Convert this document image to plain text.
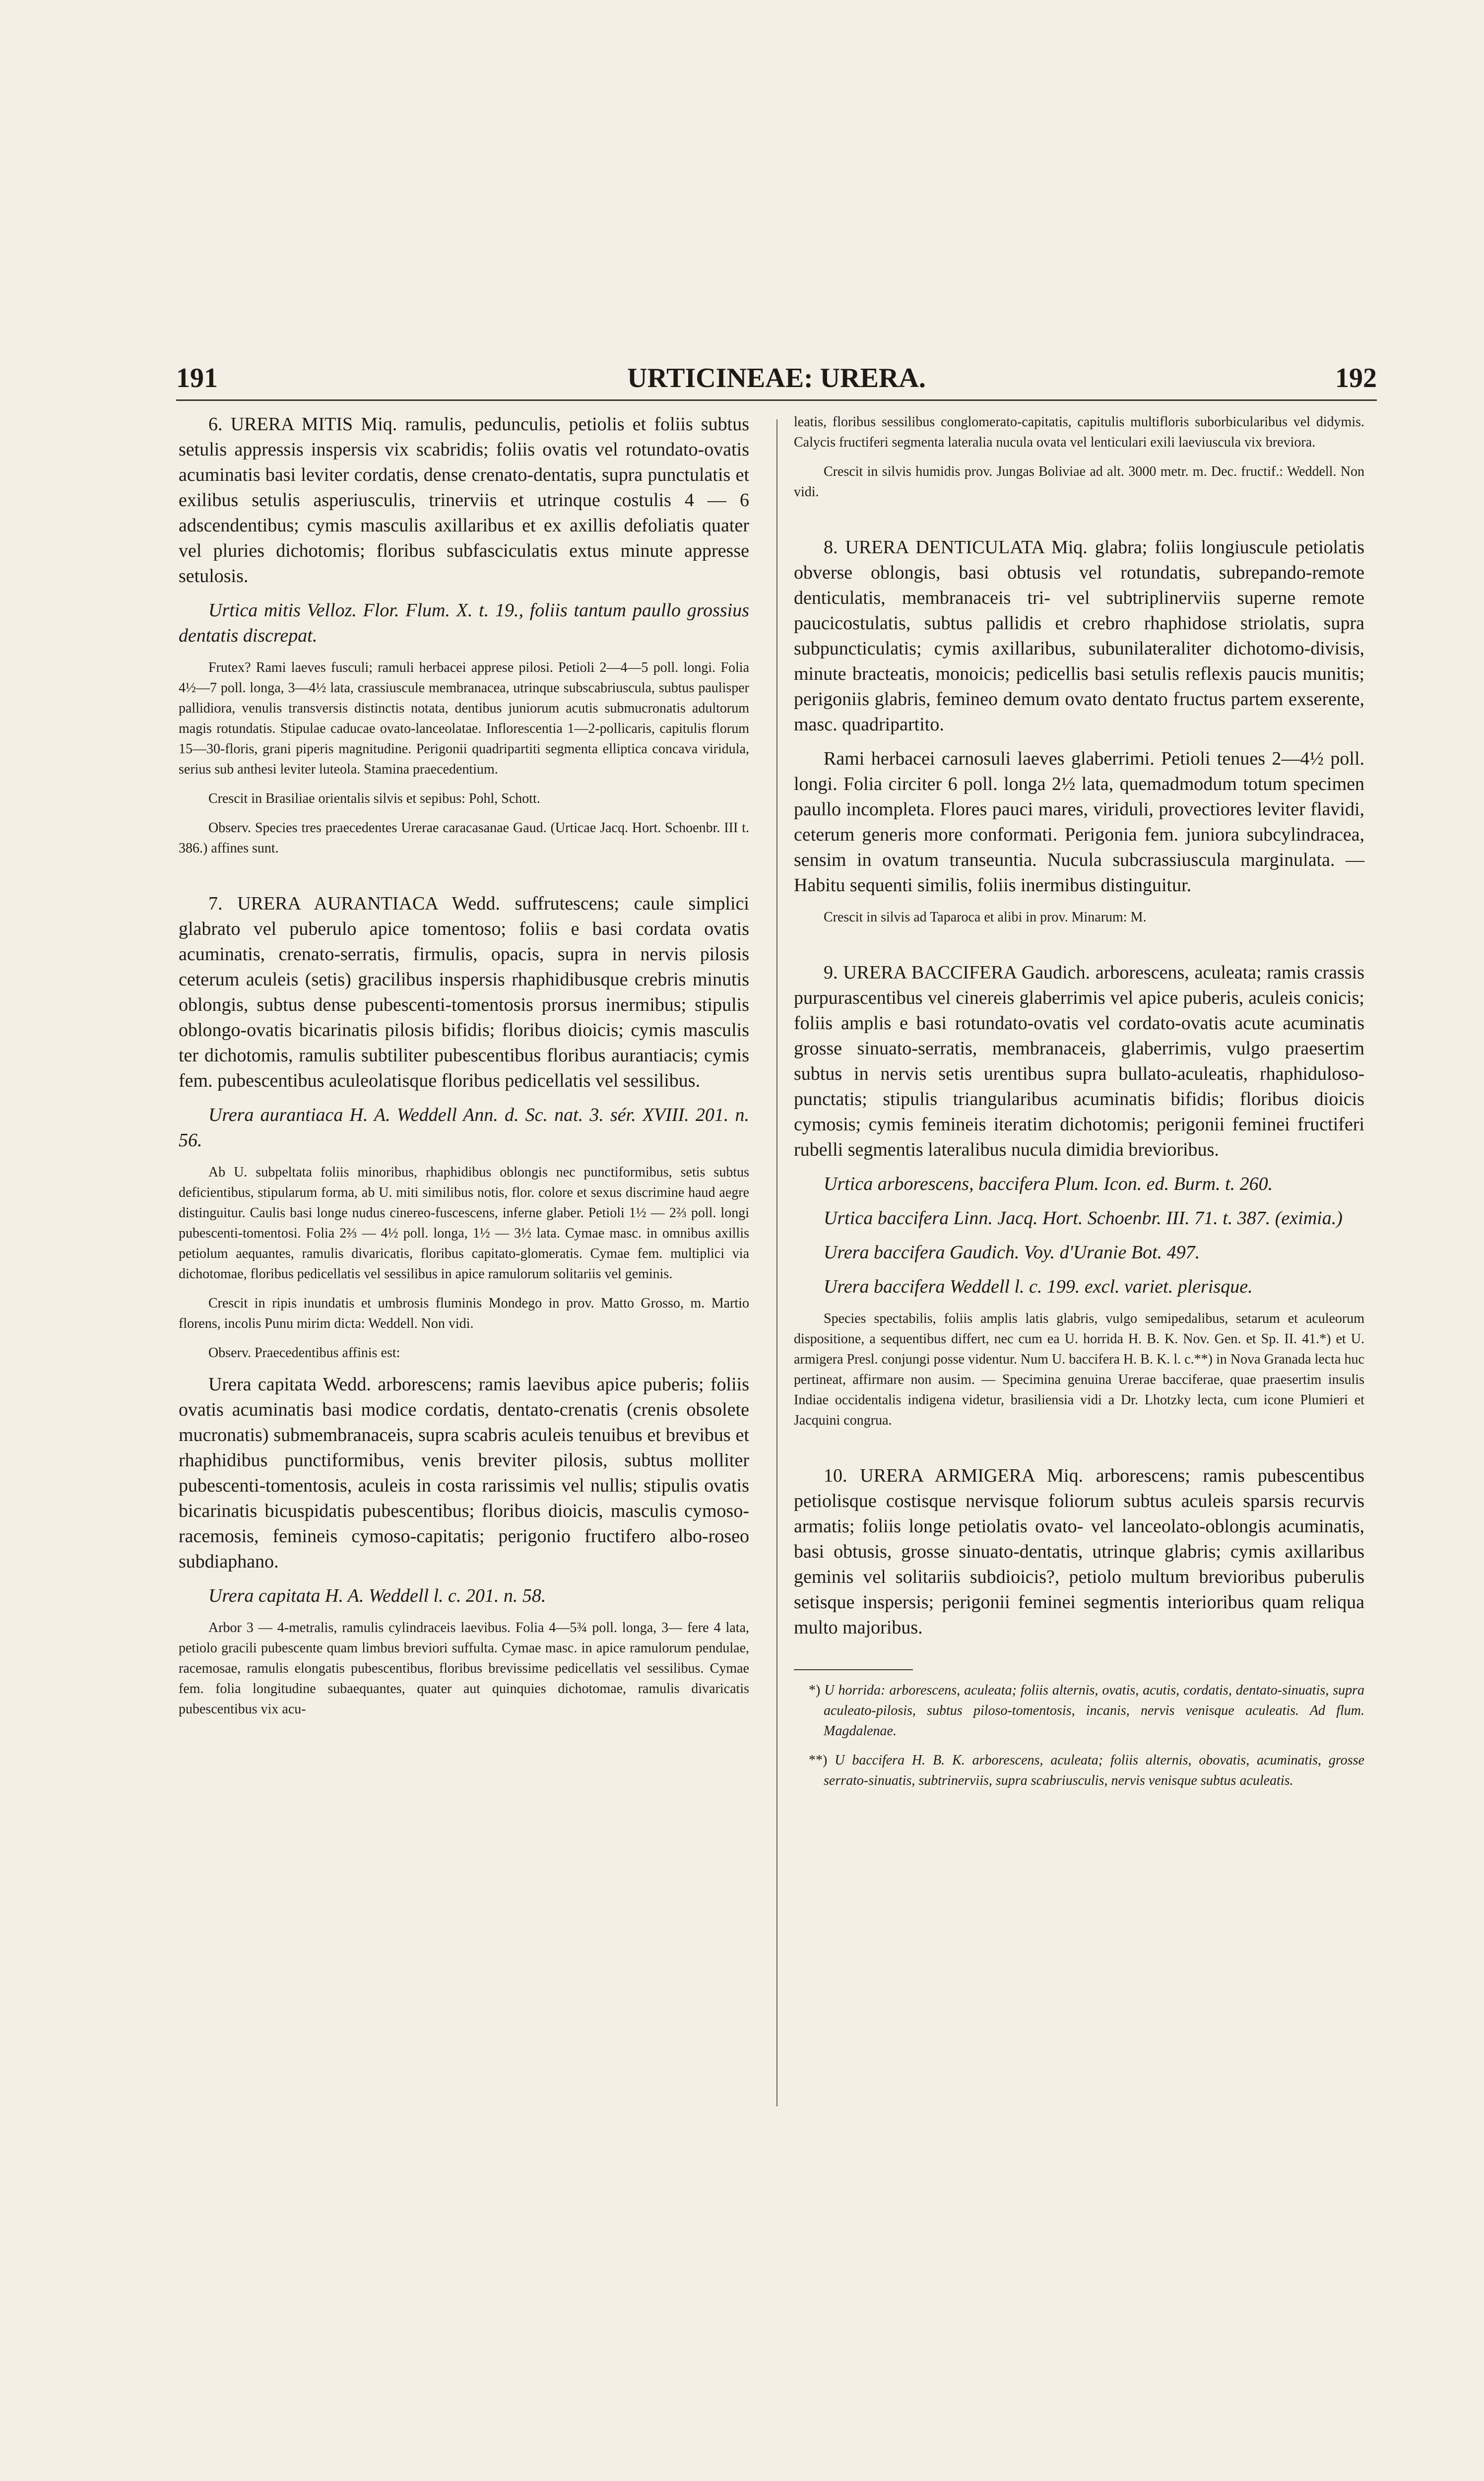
191	URTICINEAE: URERA.	192

6. URERA MITIS Miq. ramulis, pedunculis, petiolis et foliis subtus setulis appressis inspersis vix scabridis; foliis ovatis vel rotundato-ovatis acuminatis basi leviter cordatis, dense crenato-dentatis, supra punctulatis et exilibus setulis asperiusculis, trinerviis et utrinque costulis 4 — 6 adscendentibus; cymis masculis axillaribus et ex axillis defoliatis quater vel pluries dichotomis; floribus subfasciculatis extus minute appresse setulosis.

Urtica mitis Velloz. Flor. Flum. X. t. 19., foliis tantum paullo grossius dentatis discrepat.

Frutex? Rami laeves fusculi; ramuli herbacei apprese pilosi. Petioli 2—4—5 poll. longi. Folia 4½—7 poll. longa, 3—4½ lata, crassiuscule membranacea, utrinque subscabriuscula, subtus paulisper pallidiora, venulis transversis distinctis notata, dentibus juniorum acutis submucronatis adultorum magis rotundatis. Stipulae caducae ovato-lanceolatae. Inflorescentia 1—2-pollicaris, capitulis florum 15—30-floris, grani piperis magnitudine. Perigonii quadripartiti segmenta elliptica concava viridula, serius sub anthesi leviter luteola. Stamina praecedentium.

Crescit in Brasiliae orientalis silvis et sepibus: Pohl, Schott.

Observ. Species tres praecedentes Urerae caracasanae Gaud. (Urticae Jacq. Hort. Schoenbr. III t. 386.) affines sunt.

7. URERA AURANTIACA Wedd. suffrutescens; caule simplici glabrato vel puberulo apice tomentoso; foliis e basi cordata ovatis acuminatis, crenato-serratis, firmulis, opacis, supra in nervis pilosis ceterum aculeis (setis) gracilibus inspersis rhaphidibusque crebris minutis oblongis, subtus dense pubescenti-tomentosis prorsus inermibus; stipulis oblongo-ovatis bicarinatis pilosis bifidis; floribus dioicis; cymis masculis ter dichotomis, ramulis subtiliter pubescentibus floribus aurantiacis; cymis fem. pubescentibus aculeolatisque floribus pedicellatis vel sessilibus.

Urera aurantiaca H. A. Weddell Ann. d. Sc. nat. 3. sér. XVIII. 201. n. 56.

Ab U. subpeltata foliis minoribus, rhaphidibus oblongis nec punctiformibus, setis subtus deficientibus, stipularum forma, ab U. miti similibus notis, flor. colore et sexus discrimine haud aegre distinguitur. Caulis basi longe nudus cinereo-fuscescens, inferne glaber. Petioli 1½ — 2⅔ poll. longi pubescenti-tomentosi. Folia 2⅔ — 4½ poll. longa, 1½ — 3½ lata. Cymae masc. in omnibus axillis petiolum aequantes, ramulis divaricatis, floribus capitato-glomeratis. Cymae fem. multiplici via dichotomae, floribus pedicellatis vel sessilibus in apice ramulorum solitariis vel geminis.

Crescit in ripis inundatis et umbrosis fluminis Mondego in prov. Matto Grosso, m. Martio florens, incolis Punu mirim dicta: Weddell. Non vidi.

Observ. Praecedentibus affinis est:

Urera capitata Wedd. arborescens; ramis laevibus apice puberis; foliis ovatis acuminatis basi modice cordatis, dentato-crenatis (crenis obsolete mucronatis) submembranaceis, supra scabris aculeis tenuibus et brevibus et rhaphidibus punctiformibus, venis breviter pilosis, subtus molliter pubescenti-tomentosis, aculeis in costa rarissimis vel nullis; stipulis ovatis bicarinatis bicuspidatis pubescentibus; floribus dioicis, masculis cymoso-racemosis, femineis cymoso-capitatis; perigonio fructifero albo-roseo subdiaphano.

Urera capitata H. A. Weddell l. c. 201. n. 58.

Arbor 3 — 4-metralis, ramulis cylindraceis laevibus. Folia 4—5¾ poll. longa, 3— fere 4 lata, petiolo gracili pubescente quam limbus breviori suffulta. Cymae masc. in apice ramulorum pendulae, racemosae, ramulis elongatis pubescentibus, floribus brevissime pedicellatis vel sessilibus. Cymae fem. folia longitudine subaequantes, quater aut quinquies dichotomae, ramulis divaricatis pubescentibus vix acu-

leatis, floribus sessilibus conglomerato-capitatis, capitulis multifloris suborbicularibus vel didymis. Calycis fructiferi segmenta lateralia nucula ovata vel lenticulari exili laeviuscula vix breviora.

Crescit in silvis humidis prov. Jungas Boliviae ad alt. 3000 metr. m. Dec. fructif.: Weddell. Non vidi.

8. URERA DENTICULATA Miq. glabra; foliis longiuscule petiolatis obverse oblongis, basi obtusis vel rotundatis, subrepando-remote denticulatis, membranaceis tri- vel subtriplinerviis superne remote paucicostulatis, subtus pallidis et crebro rhaphidose striolatis, supra subpuncticulatis; cymis axillaribus, subunilateraliter dichotomo-divisis, minute bracteatis, monoicis; pedicellis basi setulis reflexis paucis munitis; perigoniis glabris, femineo demum ovato dentato fructus partem exserente, masc. quadripartito.

Rami herbacei carnosuli laeves glaberrimi. Petioli tenues 2—4½ poll. longi. Folia circiter 6 poll. longa 2½ lata, quemadmodum totum specimen paullo incompleta. Flores pauci mares, viriduli, provectiores leviter flavidi, ceterum generis more conformati. Perigonia fem. juniora subcylindracea, sensim in ovatum transeuntia. Nucula subcrassiuscula marginulata. — Habitu sequenti similis, foliis inermibus distinguitur.

Crescit in silvis ad Taparoca et alibi in prov. Minarum: M.

9. URERA BACCIFERA Gaudich. arborescens, aculeata; ramis crassis purpurascentibus vel cinereis glaberrimis vel apice puberis, aculeis conicis; foliis amplis e basi rotundato-ovatis vel cordato-ovatis acute acuminatis grosse sinuato-serratis, membranaceis, glaberrimis, vulgo praesertim subtus in nervis setis urentibus supra bullato-aculeatis, rhaphiduloso-punctatis; stipulis triangularibus acuminatis bifidis; floribus dioicis cymosis; cymis femineis iteratim dichotomis; perigonii feminei fructiferi rubelli segmentis lateralibus nucula dimidia brevioribus.

Urtica arborescens, baccifera Plum. Icon. ed. Burm. t. 260.

Urtica baccifera Linn. Jacq. Hort. Schoenbr. III. 71. t. 387. (eximia.)

Urera baccifera Gaudich. Voy. d'Uranie Bot. 497.

Urera baccifera Weddell l. c. 199. excl. variet. plerisque.

Species spectabilis, foliis amplis latis glabris, vulgo semipedalibus, setarum et aculeorum dispositione, a sequentibus differt, nec cum ea U. horrida H. B. K. Nov. Gen. et Sp. II. 41.*) et U. armigera Presl. conjungi posse videntur. Num U. baccifera H. B. K. l. c.**) in Nova Granada lecta huc pertineat, affirmare non ausim. — Specimina genuina Urerae bacciferae, quae praesertim insulis Indiae occidentalis indigena videtur, brasiliensia vidi a Dr. Lhotzky lecta, cum icone Plumieri et Jacquini congrua.

10. URERA ARMIGERA Miq. arborescens; ramis pubescentibus petiolisque costisque nervisque foliorum subtus aculeis sparsis recurvis armatis; foliis longe petiolatis ovato- vel lanceolato-oblongis acuminatis, basi obtusis, grosse sinuato-dentatis, utrinque glabris; cymis axillaribus geminis vel solitariis subdioicis?, petiolo multum brevioribus puberulis setisque inspersis; perigonii feminei segmentis interioribus quam reliqua multo majoribus.

*) U horrida: arborescens, aculeata; foliis alternis, ovatis, acutis, cordatis, dentato-sinuatis, supra aculeato-pilosis, subtus piloso-tomentosis, incanis, nervis venisque aculeatis. Ad flum. Magdalenae.

**) U baccifera H. B. K. arborescens, aculeata; foliis alternis, obovatis, acuminatis, grosse serrato-sinuatis, subtrinerviis, supra scabriusculis, nervis venisque subtus aculeatis.
